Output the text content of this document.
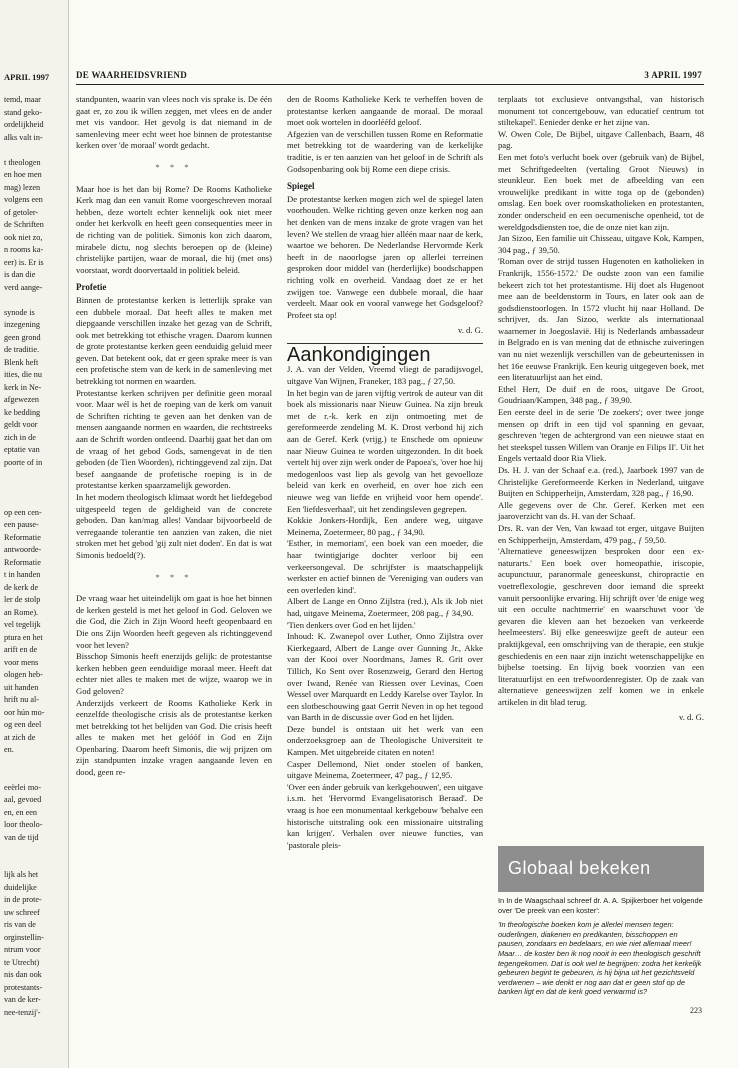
APRIL 1997
temd, maar
stand geko-
ordelijkheid
alks valt in-
t theologen
en hoe men
mag) lezen
volgens een
of getoler-
de Schriften
ook niet zo,
n rooms ka-
eer) is. Er is
is dan die
verd aange-
synode is
inzegening
geen grond
de traditie.
Blenk heft
ities, die nu
kerk in Ne-
afgewezen
ke bedding
geldt voor
zich in de
eptatie van
poorte of in
op een cen-
een pause-
Reformatie
antwoorde-
Reformatie
t in handen
de kerk de
ler de stolp
an Rome).
vel tegelijk
ptura en het
arift en de
voor mens
ologen heb-
uit handen
hrift nu al-
oor hún mo-
og een deel
at zich de
en.
eeërlei mo-
aal, gevoed
en, en een
loor theolo-
van de tijd
lijk als het
duidelijke
in de prote-
uw schreef
ris van de
orginstellin-
ntrum voor
te Utrecht)
nis dan ook
protestants-
van de ker-
nee-tenzij'-
DE WAARHEIDSVRIEND	3 APRIL 1997

standpunten, waarin van vlees noch vis sprake is. De één gaat er, zo zou ik willen zeggen, met vlees en de ander met vis vandoor. Het gevolg is dat niemand in de samenleving meer echt weet hoe binnen de protestantse kerken over 'de moraal' wordt gedacht.

* * *

Maar hoe is het dan bij Rome? De Rooms Katholieke Kerk mag dan een vanuit Rome voorgeschreven moraal hebben, deze wortelt echter kennelijk ook niet meer onder het kerkvolk en heeft geen consequenties meer in de richting van de politiek. Simonis kon zich daarom, mirabele dictu, nog slechts beroepen op de (kleine) christelijke partijen, waar de moraal, die hij (met ons) voorstaat, wordt doorvertaald in politiek beleid.

Profetie

Binnen de protestantse kerken is letterlijk sprake van een dubbele moraal. Dat heeft alles te maken met diepgaande verschillen inzake het gezag van de Schrift, ook met betrekking tot ethische vragen. Daarom kunnen de grote protestantse kerken geen eenduidig geluid meer geven. Dat betekent ook, dat er geen sprake meer is van een profetische stem van de kerk in de samenleving met betrekking tot normen en waarden.

Protestantse kerken schrijven per definitie geen moraal voor. Maar wél is het de roeping van de kerk om vanuit de Schriften richting te geven aan het denken van de mensen aangaande normen en waarden, die rechtstreeks aan de Schrift worden ontleend. Daarbij gaat het dan om de vraag of het gebod Gods, samengevat in de tien geboden (de Tien Woorden), richtinggevend zal zijn. Dat besef aangaande de profetische roeping is in de protestantse kerken spaarzamelijk geworden.

In het modern theologisch klimaat wordt het liefdegebod uitgespeeld tegen de geldigheid van de concrete geboden. Dan kan/mag alles! Vandaar bijvoorbeeld de verregaande tolerantie ten aanzien van zaken, die niet stroken met het gebod 'gij zult niet doden'. En dat is wat Simonis bedoeld(?).

* * *

De vraag waar het uiteindelijk om gaat is hoe het binnen de kerken gesteld is met het geloof in God. Geloven we die God, die Zich in Zijn Woord heeft geopenbaard en Die ons Zijn Woorden heeft gegeven als richtinggevend voor het leven?

Bisschop Simonis heeft enerzijds gelijk: de protestantse kerken hebben geen eenduidige moraal meer. Heeft dat echter niet alles te maken met de wijze, waarop we in God geloven?

Anderzijds verkeert de Rooms Katholieke Kerk in eenzelfde theologische crisis als de protestantse kerken met betrekking tot het belijden van God. Die crisis heeft alles te maken met het gelóóf in God en Zijn Openbaring. Daarom heeft Simonis, die wij prijzen om zijn standpunten inzake vragen aangaande leven en dood, geen re-

den de Rooms Katholieke Kerk te verheffen boven de protestantse kerken aangaande de moraal. De moraal moet ook wortelen in doorlééfd geloof.

Afgezien van de verschillen tussen Rome en Reformatie met betrekking tot de waardering van de kerkelijke traditie, is er ten aanzien van het geloof in de Schrift als Godsopenbaring ook bij Rome een diepe crisis.

Spiegel

De protestantse kerken mogen zich wel de spiegel laten voorhouden. Welke richting geven onze kerken nog aan het denken van de mens inzake de grote vragen van het leven? We stellen de vraag hier alléén maar naar de kerk, waartoe we behoren. De Nederlandse Hervormde Kerk heeft in de naoorlogse jaren op allerlei terreinen gesproken door middel van (herderlijke) boodschappen richting volk en overheid. Vandaag doet ze er het zwijgen toe. Vanwege een dubbele moraal, die haar verdeelt. Maar ook en vooral vanwege het Godsgeloof? Profeet sta op!

v. d. G.
Aankondigingen

J. A. van der Velden, Vreemd vliegt de paradijsvogel, uitgave Van Wijnen, Franeker, 183 pag., ƒ 27,50.

In het begin van de jaren vijftig vertrok de auteur van dit boek als missionaris naar Nieuw Guinea. Na zijn breuk met de r.-k. kerk en zijn ontmoeting met de gereformeerde zendeling M. K. Drost verbond hij zich aan de Geref. Kerk (vrijg.) te Enschede om opnieuw naar Nieuw Guinea te worden uitgezonden. In dit boek vertelt hij over zijn werk onder de Papoea's, 'over hoe hij medogenloos vast liep als gevolg van het gevoelloze beleid van kerk en overheid, en over hoe zich een nieuwe weg van liefde en vrijheid voor hem opende'. Een 'liefdesverhaal', uit het zendingsleven gegrepen.

Kokkie Jonkers-Hordijk, Een andere weg, uitgave Meinema, Zoetermeer, 80 pag., ƒ 34,90.

'Esther, in memoriam', een boek van een moeder, die haar twintigjarige dochter verloor bij een verkeersongeval. De schrijfster is maatschappelijk werkster en actief binnen de 'Vereniging van ouders van een overleden kind'.

Albert de Lange en Onno Zijlstra (red.), Als ik Job niet had, uitgave Meinema, Zoetermeer, 208 pag., ƒ 34,90.

'Tien denkers over God en het lijden.'

Inhoud: K. Zwanepol over Luther, Onno Zijlstra over Kierkegaard, Albert de Lange over Gunning Jr., Akke van der Kooi over Noordmans, James R. Grit over Tillich, Ko Sent over Rosenzweig, Gerard den Hertog over Iwand, Renée van Riessen over Levinas, Coen Wessel over Marquardt en Leddy Karelse over Taylor. In een slotbeschouwing gaat Gerrit Neven in op het tegood van Barth in de discussie over God en het lijden.

Deze bundel is ontstaan uit het werk van een onderzoeksgroep aan de Theologische Universiteit te Kampen. Met uitgebreide citaten en noten!

Casper Dellemond, Niet onder stoelen of banken, uitgave Meinema, Zoetermeer, 47 pag., ƒ 12,95.

'Over een ánder gebruik van kerkgebouwen', een uitgave i.s.m. het 'Hervormd Evangelisatorisch Beraad'. De vraag is hoe een monumentaal kerkgebouw 'behalve een historische uitstraling ook een missionaire uitstraling kan krijgen'. Verhalen over nieuwe functies, van 'pastorale pleis-

terplaats tot exclusieve ontvangsthal, van historisch monument tot concertgebouw, van educatief centrum tot stiltekapel'. Eenieder denke er het zijne van.

W. Owen Cole, De Bijbel, uitgave Callenbach, Baarn, 48 pag.

Een met foto's verlucht boek over (gebruik van) de Bijbel, met Schriftgedeelten (vertaling Groot Nieuws) in steunkleur. Een boek met de afbeelding van een vrouwelijke predikant in witte toga op de (gebonden) omslag. Een boek over roomskatholieken en protestanten, zonder onderscheid en een oecumenische openheid, tot de wereldgodsdiensten toe, die de onze niet kan zijn.

Jan Sizoo, Een familie uit Chisseau, uitgave Kok, Kampen, 304 pag., ƒ 39,50.

'Roman over de strijd tussen Hugenoten en katholieken in Frankrijk, 1556-1572.' De oudste zoon van een familie bekeert zich tot het protestantisme. Hij doet als Hugenoot mee aan de beeldenstorm in Tours, en later ook aan de godsdienstoorlogen. In 1572 vlucht hij naar Holland. De schrijver, ds. Jan Sizoo, werkte als internationaal waarnemer in Joegoslavië. Hij is Nederlands ambassadeur in Belgrado en is van mening dat de ethnische zuiveringen van nu niet wezenlijk verschillen van de gebeurtenissen in het 16e eeuwse Frankrijk. Een keurig uitgegeven boek, met een literatuurlijst aan het eind.

Ethel Herr, De duif en de roos, uitgave De Groot, Goudriaan/Kampen, 348 pag., ƒ 39,90.

Een eerste deel in de serie 'De zoekers'; over twee jonge mensen op drift in een tijd vol spanning en gevaar, geschreven 'tegen de achtergrond van een nieuwe staat en het steekspel tussen Willem van Oranje en Filips II'. Uit het Engels vertaald door Ria Vliek.

Ds. H. J. van der Schaaf e.a. (red.), Jaarboek 1997 van de Christelijke Gereformeerde Kerken in Nederland, uitgave Buijten en Schipperheijn, Amsterdam, 328 pag., ƒ 16,90.

Alle gegevens over de Chr. Geref. Kerken met een jaaroverzicht van ds. H. van der Schaaf.

Drs. R. van der Ven, Van kwaad tot erger, uitgave Buijten en Schipperheijn, Amsterdam, 479 pag., ƒ 59,50.

'Alternatieve geneeswijzen besproken door een ex-naturarts.' Een boek over homeopathie, iriscopie, acupunctuur, paranormale geneeskunst, chiropractie en voetreflexologie, geschreven door iemand die spreekt vanuit persoonlijke ervaring. Hij schrijft over 'de enige weg uit een occulte nachtmerrie' en waarschuwt voor 'de gevaren die kleven aan het bezoeken van verkeerde heelmeesters'. Bij elke geneeswijze geeft de auteur een praktijkgeval, een omschrijving van de therapie, een stukje geschiedenis en een naar zijn inzicht wetenschappelijke en bijbelse toetsing. En lijvig boek voorzien van een literatuurlijst en een trefwoordenregister. Op de zaak van alternatieve geneeswijzen zelf komen we in enkele artikelen in dit blad terug.

v. d. G.
Globaal bekeken
In In de Waagschaal schreef dr. A. A. Spijkerboer het volgende over 'De preek van een koster':
'In theologische boeken kom je allerlei mensen tegen: ouderlingen, diakenen en predikanten, bisschoppen en pausen, zondaars en bedelaars, en wie niet allemaal meer!
Maar… de koster ben ik nog nooit in een theologisch geschrift tegengekomen. Dat is ook wel te begrijpen: zodra het kerkelijk gebeuren begint te gebeuren, is hij bijna uit het gezichtsveld verdwenen – wie denkt er nog aan dat er geen stof op de banken ligt en dat de kerk goed verwarmd is?
223
